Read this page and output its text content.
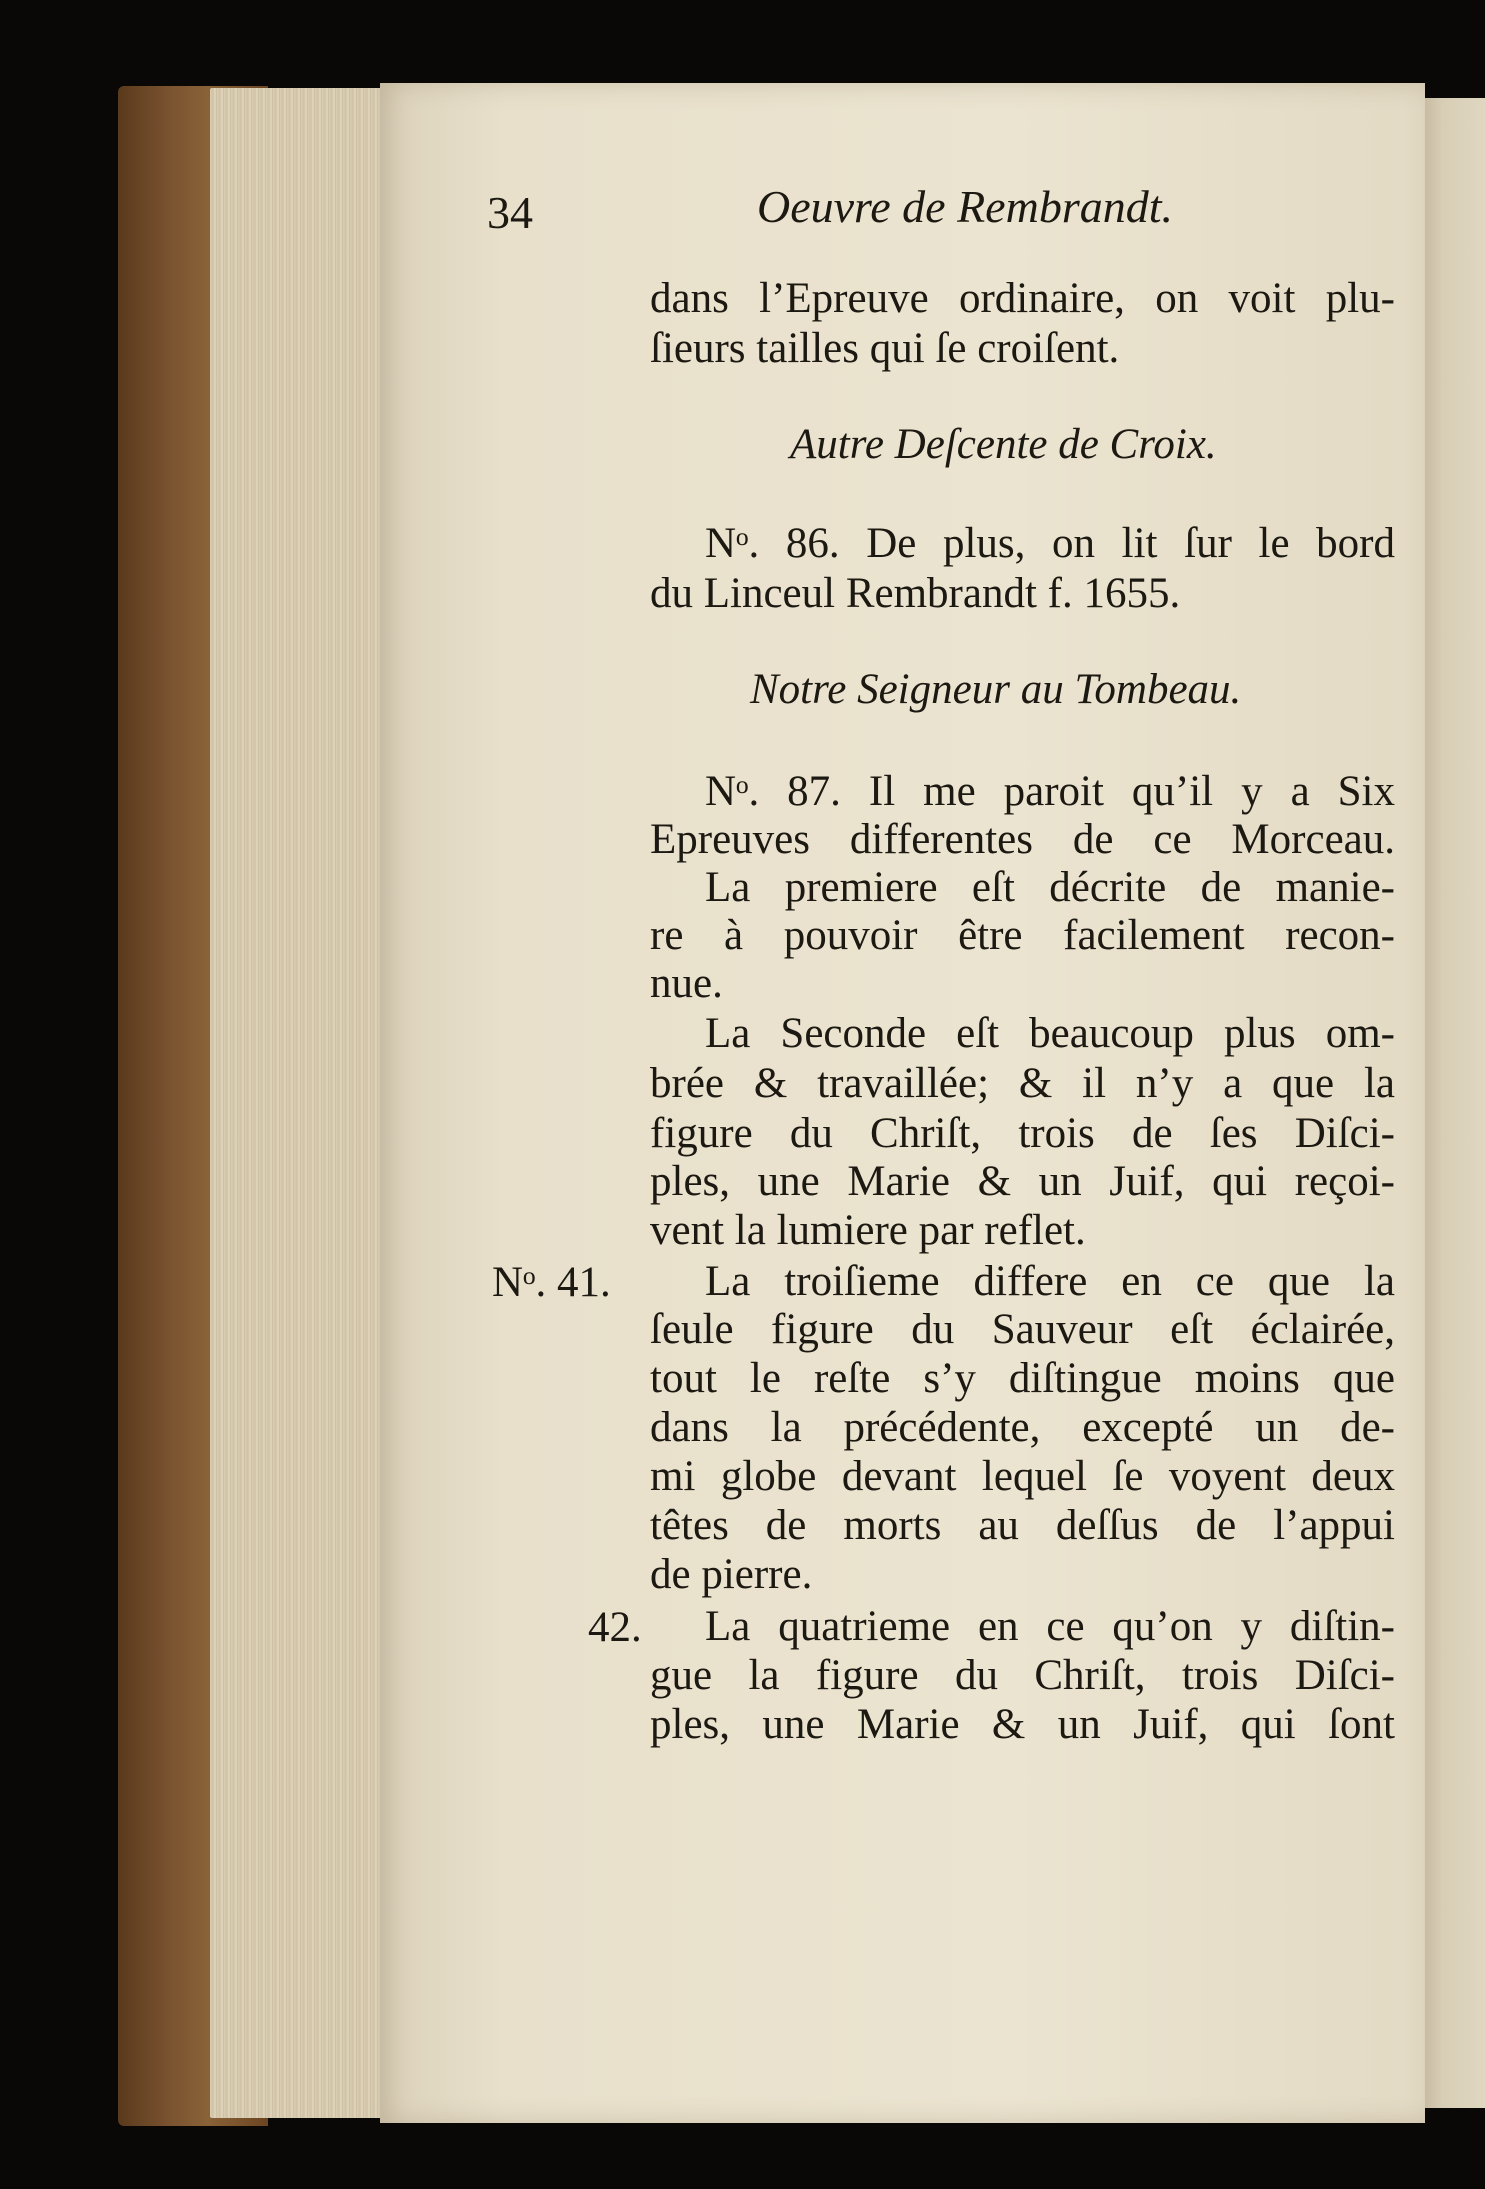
34	Oeuvre de Rembrandt.
dans l’Epreuve ordinaire, on voit plu-
ſieurs tailles qui ſe croiſent.
Autre Deſcente de Croix.
Nᵒ. 86. De plus, on lit ſur le bord
du Linceul Rembrandt f. 1655.
Notre Seigneur au Tombeau.
Nᵒ. 87. Il me paroit qu’il y a Six
Epreuves differentes de ce Morceau.
La premiere eſt décrite de manie-
re à pouvoir être facilement recon-
nue.
La Seconde eſt beaucoup plus om-
brée & travaillée; & il n’y a que la
figure du Chriſt, trois de ſes Diſci-
ples, une Marie & un Juif, qui reçoi-
vent la lumiere par reflet.
Nᵒ. 41. La troiſieme differe en ce que la
ſeule figure du Sauveur eſt éclairée,
tout le reſte s’y diſtingue moins que
dans la précédente, excepté un de-
mi globe devant lequel ſe voyent deux
têtes de morts au deſſus de l’appui
de pierre.
42. La quatrieme en ce qu’on y diſtin-
gue la figure du Chriſt, trois Diſci-
ples, une Marie & un Juif, qui ſont
